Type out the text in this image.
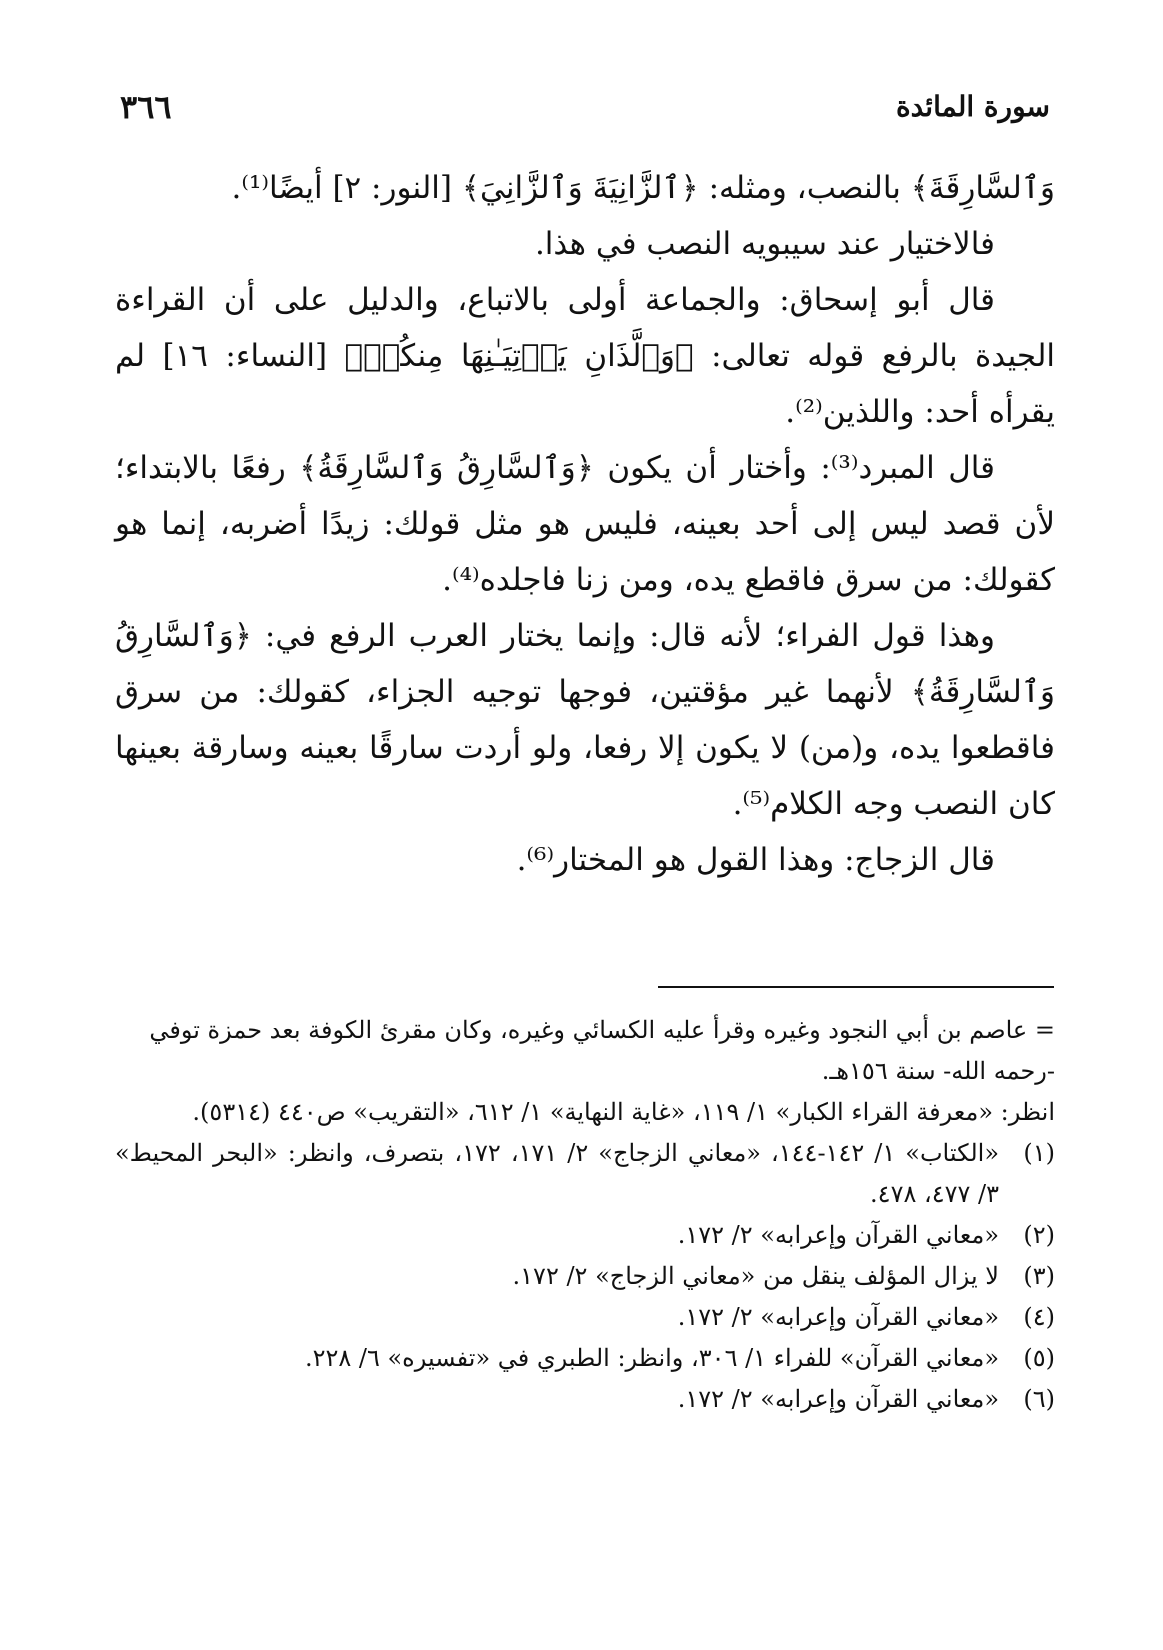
٣٦٦	سورة المائدة

وَٱلسَّارِقَةَ﴾ بالنصب، ومثله: ﴿ٱلزَّانِيَةَ وَٱلزَّانِيَ﴾ [النور: ٢] أيضًا⁽¹⁾.

فالاختيار عند سيبويه النصب في هذا.

قال أبو إسحاق: والجماعة أولى بالاتباع، والدليل على أن القراءة الجيدة بالرفع قوله تعالى: ﴿وَٱلَّذَانِ يَأۡتِيَـٰنِهَا مِنكُمۡ﴾ [النساء: ١٦] لم يقرأه أحد: واللذين⁽²⁾.

قال المبرد⁽³⁾: وأختار أن يكون ﴿وَٱلسَّارِقُ وَٱلسَّارِقَةُ﴾ رفعًا بالابتداء؛ لأن قصد ليس إلى أحد بعينه، فليس هو مثل قولك: زيدًا أضربه، إنما هو كقولك: من سرق فاقطع يده، ومن زنا فاجلده⁽⁴⁾.

وهذا قول الفراء؛ لأنه قال: وإنما يختار العرب الرفع في: ﴿وَٱلسَّارِقُ وَٱلسَّارِقَةُ﴾ لأنهما غير مؤقتين، فوجها توجيه الجزاء، كقولك: من سرق فاقطعوا يده، و(من) لا يكون إلا رفعا، ولو أردت سارقًا بعينه وسارقة بعينها كان النصب وجه الكلام⁽⁵⁾.

قال الزجاج: وهذا القول هو المختار⁽⁶⁾.

= عاصم بن أبي النجود وغيره وقرأ عليه الكسائي وغيره، وكان مقرئ الكوفة بعد حمزة توفي -رحمه الله- سنة ١٥٦هـ.

انظر: «معرفة القراء الكبار» ١/ ١١٩، «غاية النهاية» ١/ ٦١٢، «التقريب» ص٤٤٠ (٥٣١٤).

(١)
«الكتاب» ١/ ١٤٢-١٤٤، «معاني الزجاج» ٢/ ١٧١، ١٧٢، بتصرف، وانظر: «البحر المحيط» ٣/ ٤٧٧، ٤٧٨.
(٢)
«معاني القرآن وإعرابه» ٢/ ١٧٢.
(٣)
لا يزال المؤلف ينقل من «معاني الزجاج» ٢/ ١٧٢.
(٤)
«معاني القرآن وإعرابه» ٢/ ١٧٢.
(٥)
«معاني القرآن» للفراء ١/ ٣٠٦، وانظر: الطبري في «تفسيره» ٦/ ٢٢٨.
(٦)
«معاني القرآن وإعرابه» ٢/ ١٧٢.
